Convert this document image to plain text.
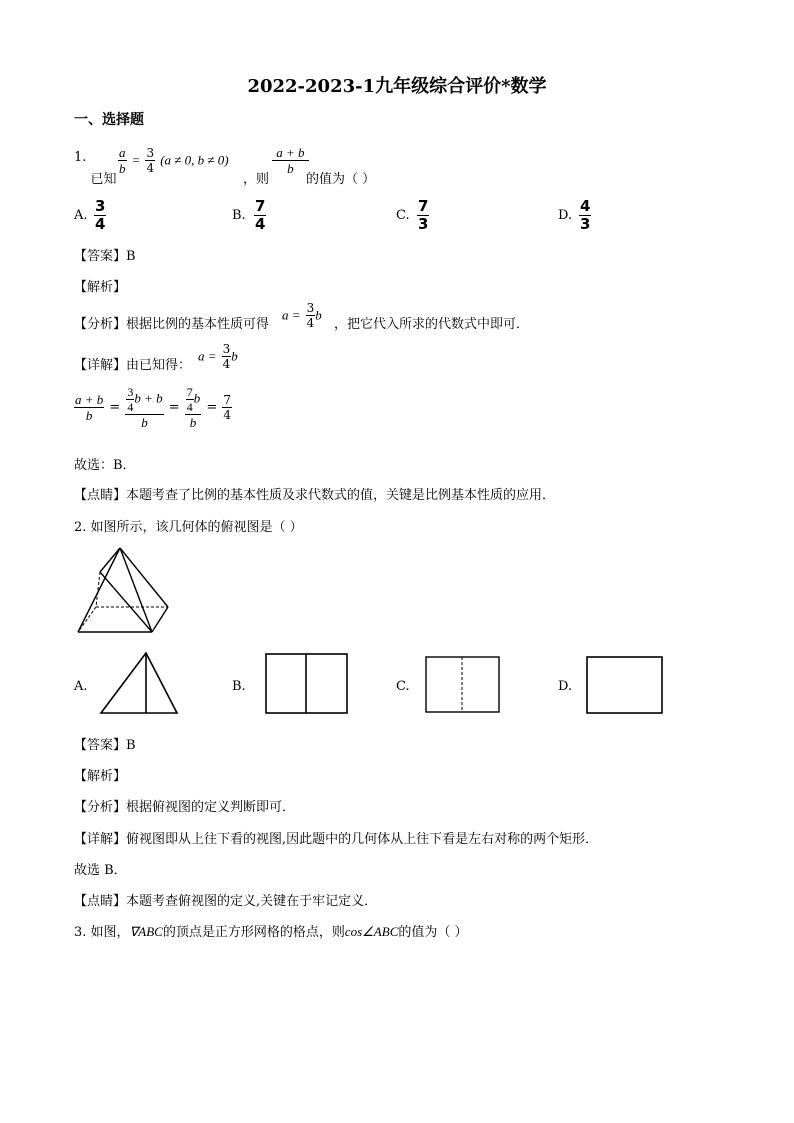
2022-2023-1九年级综合评价*数学
一、选择题
1. 已知
$\frac{a}{b} = \frac{3}{4} (a \ne 0$, b ≠ 0)
，则
$\frac{a + b}{b}$
的值为（ ）
A. $\frac{3}{4}$	B. $\frac{7}{4}$	C. $\frac{7}{3}$	D. $\frac{4}{3}$
【答案】B
【解析】
【分析】根据比例的基本性质可得
$a = \frac{3}{4}$ b
，把它代入所求的代数式中即可．
【详解】由已知得：
$a = \frac{3}{4}$ b
$\frac{a + b}{b} = \frac{\frac{3}{4} b + b}{b} = \frac{\frac{7}{4} b}{b} = \frac{7}{4}$
故选：B．
【点睛】本题考查了比例的基本性质及求代数式的值，关键是比例基本性质的应用．
2. 如图所示，该几何体的俯视图是（ ）
A.	B.	C.	D.
【答案】B
【解析】
【分析】根据俯视图的定义判断即可．
【详解】俯视图即从上往下看的视图,因此题中的几何体从上往下看是左右对称的两个矩形．
故选 B．
【点睛】本题考查俯视图的定义,关键在于牢记定义．
3. 如图，∇ABC的顶点是正方形网格的格点，则cos∠ABC的值为（ ）
